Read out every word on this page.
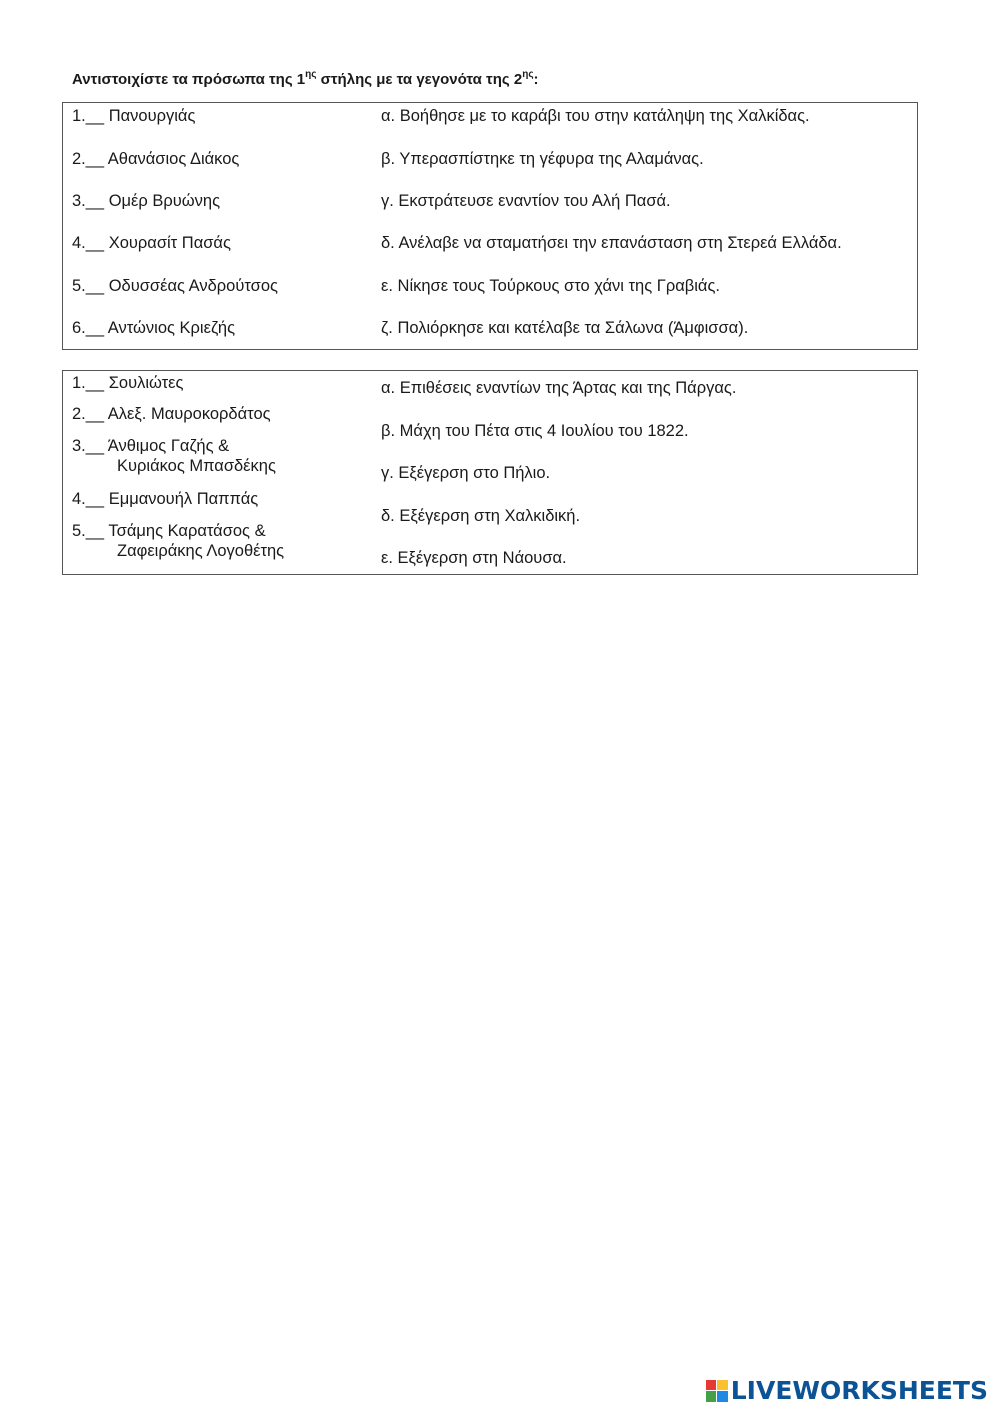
Αντιστοιχίστε τα πρόσωπα της $1^{\eta\varsigma}$ στήλης με τα γεγονότα της $2^{\eta\varsigma}$:
1.__ Πανουργιάς
2.__ Αθανάσιος Διάκος
3.__ Ομέρ Βρυώνης
4.__ Χουρασίτ Πασάς
5.__ Οδυσσέας Ανδρούτσος
6.__ Αντώνιος Κριεζής
α. Βοήθησε με το καράβι του στην κατάληψη της Χαλκίδας.
β. Υπερασπίστηκε τη γέφυρα της Αλαμάνας.
γ. Εκστράτευσε εναντίον του Αλή Πασά.
δ. Ανέλαβε να σταματήσει την επανάσταση στη Στερεά Ελλάδα.
ε. Νίκησε τους Τούρκους στο χάνι της Γραβιάς.
ζ. Πολιόρκησε και κατέλαβε τα Σάλωνα (Άμφισσα).
1.__ Σουλιώτες
2.__ Αλεξ. Μαυροκορδάτος
3.__ Άνθιμος Γαζής &
Κυριάκος Μπασδέκης
4.__ Εμμανουήλ Παππάς
5.__ Τσάμης Καρατάσος &
Ζαφειράκης Λογοθέτης
α. Επιθέσεις εναντίων της Άρτας και της Πάργας.
β. Μάχη του Πέτα στις 4 Ιουλίου του 1822.
γ. Εξέγερση στο Πήλιο.
δ. Εξέγερση στη Χαλκιδική.
ε. Εξέγερση στη Νάουσα.
LIVEWORKSHEETS
